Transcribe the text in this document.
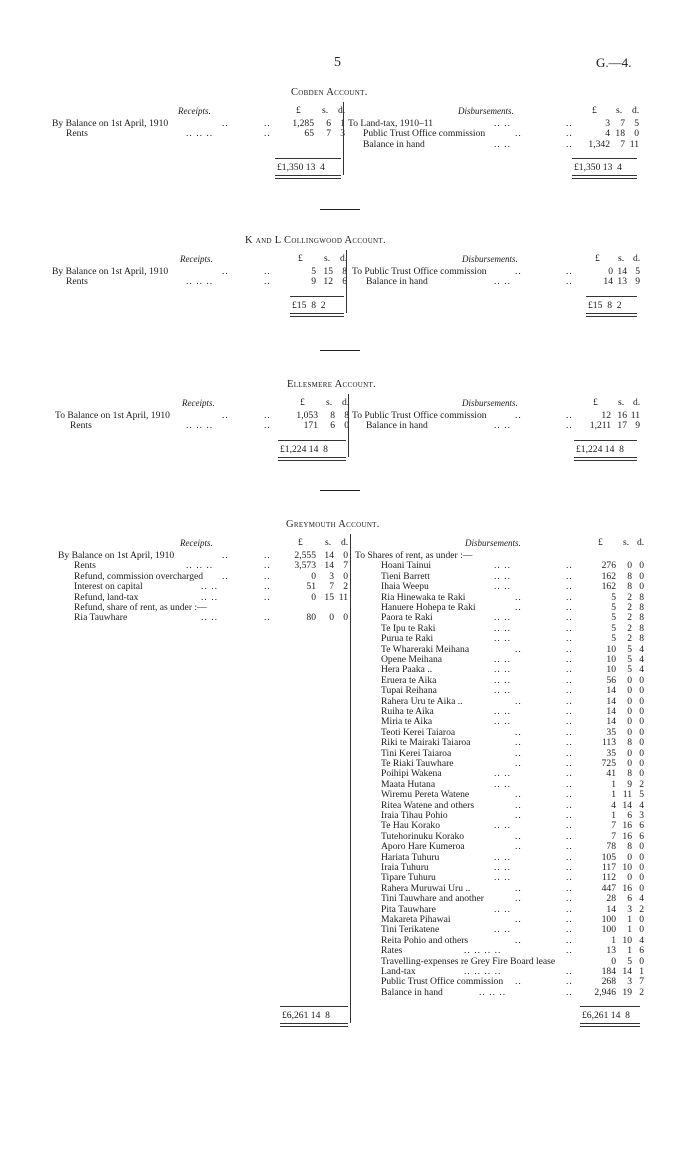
5	G.—4.
Cobden Account.
Receipts.	Disbursements.
£ s. d.	£ s. d.
By Balance on 1st April, 1910	..	..	1,285	6 1
Rents	.. .. ..	..	65	7 3
To Land-tax, 1910–11	.. ..	..	3	7 5
Public Trust Office commission	..	..	4 18 0
Balance in hand	.. ..	..	1,342	7 11
£1,350 13  4	£1,350 13  4
K and L Collingwood Account.
Receipts.	Disbursements.
£ s. d.	£ s. d.
By Balance on 1st April, 1910	..	..	5 15 8
Rents	.. .. ..	..	9 12 6
To Public Trust Office commission	..	..	0 14 5
Balance in hand	.. ..	..	14 13 9
£15  8  2	£15  8  2
Ellesmere Account.
Receipts.	Disbursements.
£ s. d.	£ s. d.
To Balance on 1st April, 1910	..	..	1,053	8 8
Rents	.. .. ..	..	171	6 0
To Public Trust Office commission	..	..	12 16 11
Balance in hand	.. ..	..	1,211 17 9
£1,224 14  8	£1,224 14  8
Greymouth Account.
Receipts.	Disbursements.
£ s. d.	£ s. d.
By Balance on 1st April, 1910	..	..	2,555 14 0
Rents	.. .. ..	..	3,573 14 7
Refund, commission overcharged ..	..	0	3 0
Interest on capital	.. ..	..	51	7 2
Refund, land-tax	.. ..	..	0 15 11
Refund, share of rent, as under :—
Ria Tauwhare	.. ..	..	80	0 0
To Shares of rent, as under :—
Hoani Tainui	.. ..	..	276	0 0
Tieni Barrett	.. ..	..	162	8 0
Ihaia Weepu	.. ..	..	162	8 0
Ria Hinewaka te Raki	..	..	5	2 8
Hanuere Hohepa te Raki	..	..	5	2 8
Paora te Raki	.. ..	..	5	2 8
Te Ipu te Raki	.. ..	..	5	2 8
Purua te Raki	.. ..	..	5	2 8
Te Whareraki Meihana	..	..	10	5 4
Opene Meihana	.. ..	..	10	5 4
Hera Paaka ..	.. ..	..	10	5 4
Eruera te Aika	.. ..	..	56	0 0
Tupai Reihana	.. ..	..	14	0 0
Rahera Uru te Aika ..	..	..	14	0 0
Ruiha te Aika	.. ..	..	14	0 0
Miria te Aika	.. ..	..	14	0 0
Teoti Kerei Taiaroa	..	..	35	0 0
Riki te Mairaki Taiaroa	..	..	113	8 0
Tini Kerei Taiaroa	..	..	35	0 0
Te Riaki Tauwhare	..	..	725	0 0
Poihipi Wakena	.. ..	..	41	8 0
Maata Hutana	.. ..	..	1	9 2
Wiremu Pereta Watene	..	..	1 11 5
Ritea Watene and others	..	..	4 14 4
Iraia Tihau Pohio	..	..	1	6 3
Te Hau Korako	.. ..	..	7 16 6
Tutehorinuku Korako	..	..	7 16 6
Aporo Hare Kumeroa	..	..	78	8 0
Hariata Tuhuru	.. ..	..	105	0 0
Iraia Tuhuru	.. ..	..	117 10 0
Tipare Tuhuru	.. ..	..	112	0 0
Rahera Muruwai Uru ..	..	..	447 16 0
Tini Tauwhare and another	..	..	28	6 4
Pita Tauwhare	.. ..	..	14	3 2
Makareta Pihawai	..	..	100	1 0
Tini Terikatene	.. ..	..	100	1 0
Reita Pohio and others	..	..	1 10 4
Rates	.. .. .. ..	..	13	1 6
Travelling-expenses re Grey Fire Board lease	0	5 0
Land-tax	.. .. .. ..	..	184 14 1
Public Trust Office commission ..	..	268	3 7
Balance in hand	.. .. ..	..	2,946 19 2
£6,261 14  8	£6,261 14  8
